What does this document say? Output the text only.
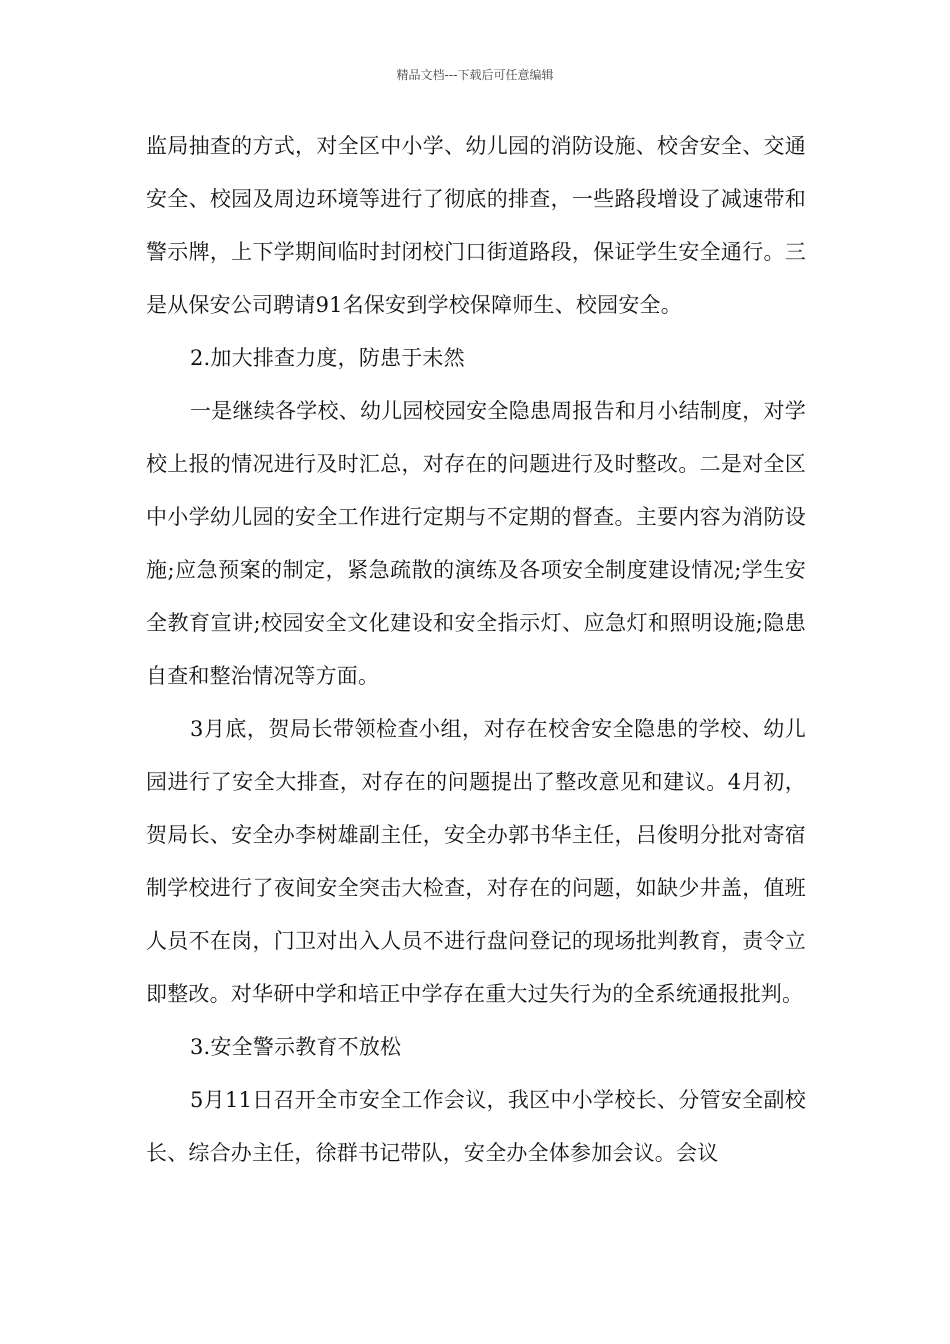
精品文档---下载后可任意编辑

监局抽查的方式，对全区中小学、幼儿园的消防设施、校舍安全、交通安全、校园及周边环境等进行了彻底的排查，一些路段增设了减速带和警示牌，上下学期间临时封闭校门口街道路段，保证学生安全通行。三是从保安公司聘请91名保安到学校保障师生、校园安全。

2.加大排查力度，防患于未然

一是继续各学校、幼儿园校园安全隐患周报告和月小结制度，对学校上报的情况进行及时汇总，对存在的问题进行及时整改。二是对全区中小学幼儿园的安全工作进行定期与不定期的督查。主要内容为消防设施;应急预案的制定，紧急疏散的演练及各项安全制度建设情况;学生安全教育宣讲;校园安全文化建设和安全指示灯、应急灯和照明设施;隐患自查和整治情况等方面。

3月底，贺局长带领检查小组，对存在校舍安全隐患的学校、幼儿园进行了安全大排查，对存在的问题提出了整改意见和建议。4月初，贺局长、安全办李树雄副主任，安全办郭书华主任，吕俊明分批对寄宿制学校进行了夜间安全突击大检查，对存在的问题，如缺少井盖，值班人员不在岗，门卫对出入人员不进行盘问登记的现场批判教育，责令立即整改。对华研中学和培正中学存在重大过失行为的全系统通报批判。

3.安全警示教育不放松

5月11日召开全市安全工作会议，我区中小学校长、分管安全副校长、综合办主任，徐群书记带队，安全办全体参加会议。会议
